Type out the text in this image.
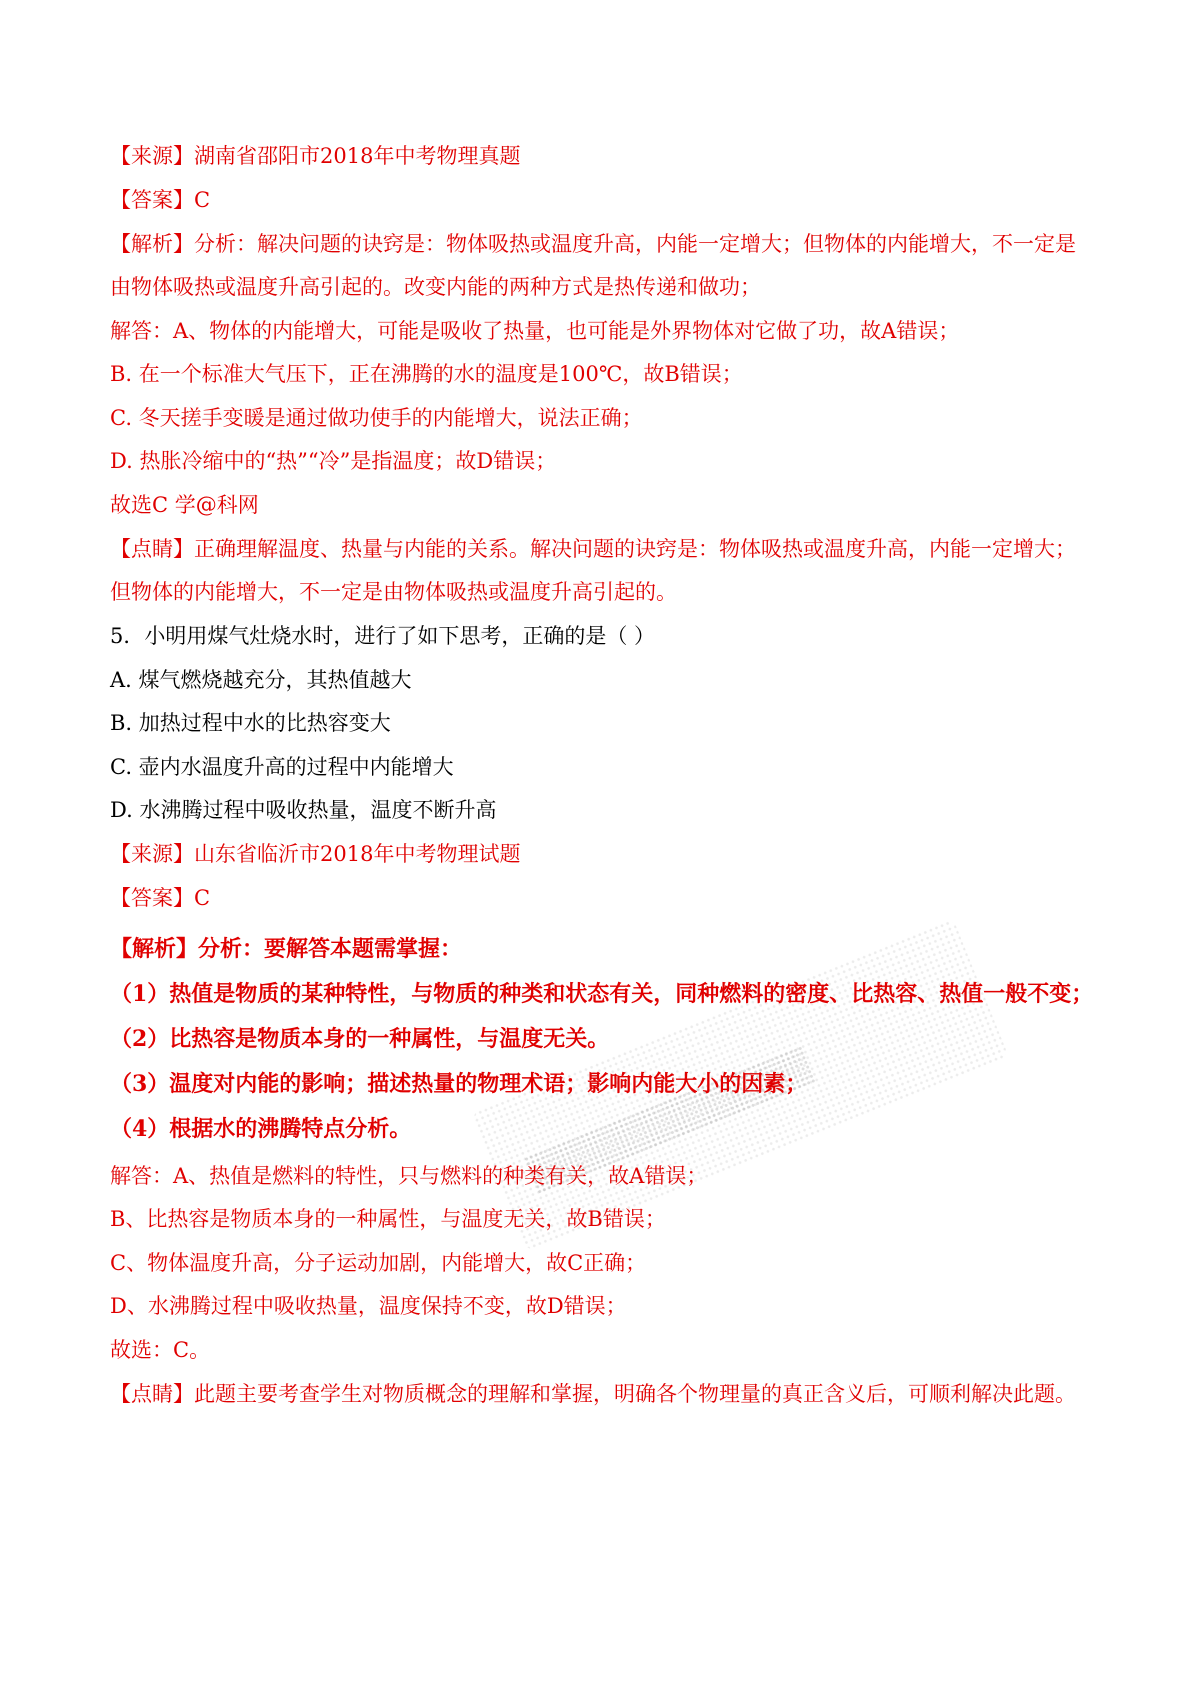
【来源】湖南省邵阳市2018年中考物理真题
【答案】C
【解析】分析：解决问题的诀窍是：物体吸热或温度升高，内能一定增大；但物体的内能增大，不一定是
由物体吸热或温度升高引起的。改变内能的两种方式是热传递和做功；
解答：A、物体的内能增大，可能是吸收了热量，也可能是外界物体对它做了功，故A错误；
B. 在一个标准大气压下，正在沸腾的水的温度是100℃，故B错误；
C. 冬天搓手变暖是通过做功使手的内能增大，说法正确；
D. 热胀冷缩中的“热”“冷”是指温度；故D错误；
故选C 学@科网
【点睛】正确理解温度、热量与内能的关系。解决问题的诀窍是：物体吸热或温度升高，内能一定增大；
但物体的内能增大，不一定是由物体吸热或温度升高引起的。
5．小明用煤气灶烧水时，进行了如下思考，正确的是（ ）
A. 煤气燃烧越充分，其热值越大
B. 加热过程中水的比热容变大
C. 壶内水温度升高的过程中内能增大
D. 水沸腾过程中吸收热量，温度不断升高
【来源】山东省临沂市2018年中考物理试题
【答案】C
【解析】分析：要解答本题需掌握：
（1）热值是物质的某种特性，与物质的种类和状态有关，同种燃料的密度、比热容、热值一般不变；
（2）比热容是物质本身的一种属性，与温度无关。
（3）温度对内能的影响；描述热量的物理术语；影响内能大小的因素；
（4）根据水的沸腾特点分析。
解答：A、热值是燃料的特性，只与燃料的种类有关，故A错误；
B、比热容是物质本身的一种属性，与温度无关，故B错误；
C、物体温度升高，分子运动加剧，内能增大，故C正确；
D、水沸腾过程中吸收热量，温度保持不变，故D错误；
故选：C。
【点睛】此题主要考查学生对物质概念的理解和掌握，明确各个物理量的真正含义后，可顺利解决此题。
